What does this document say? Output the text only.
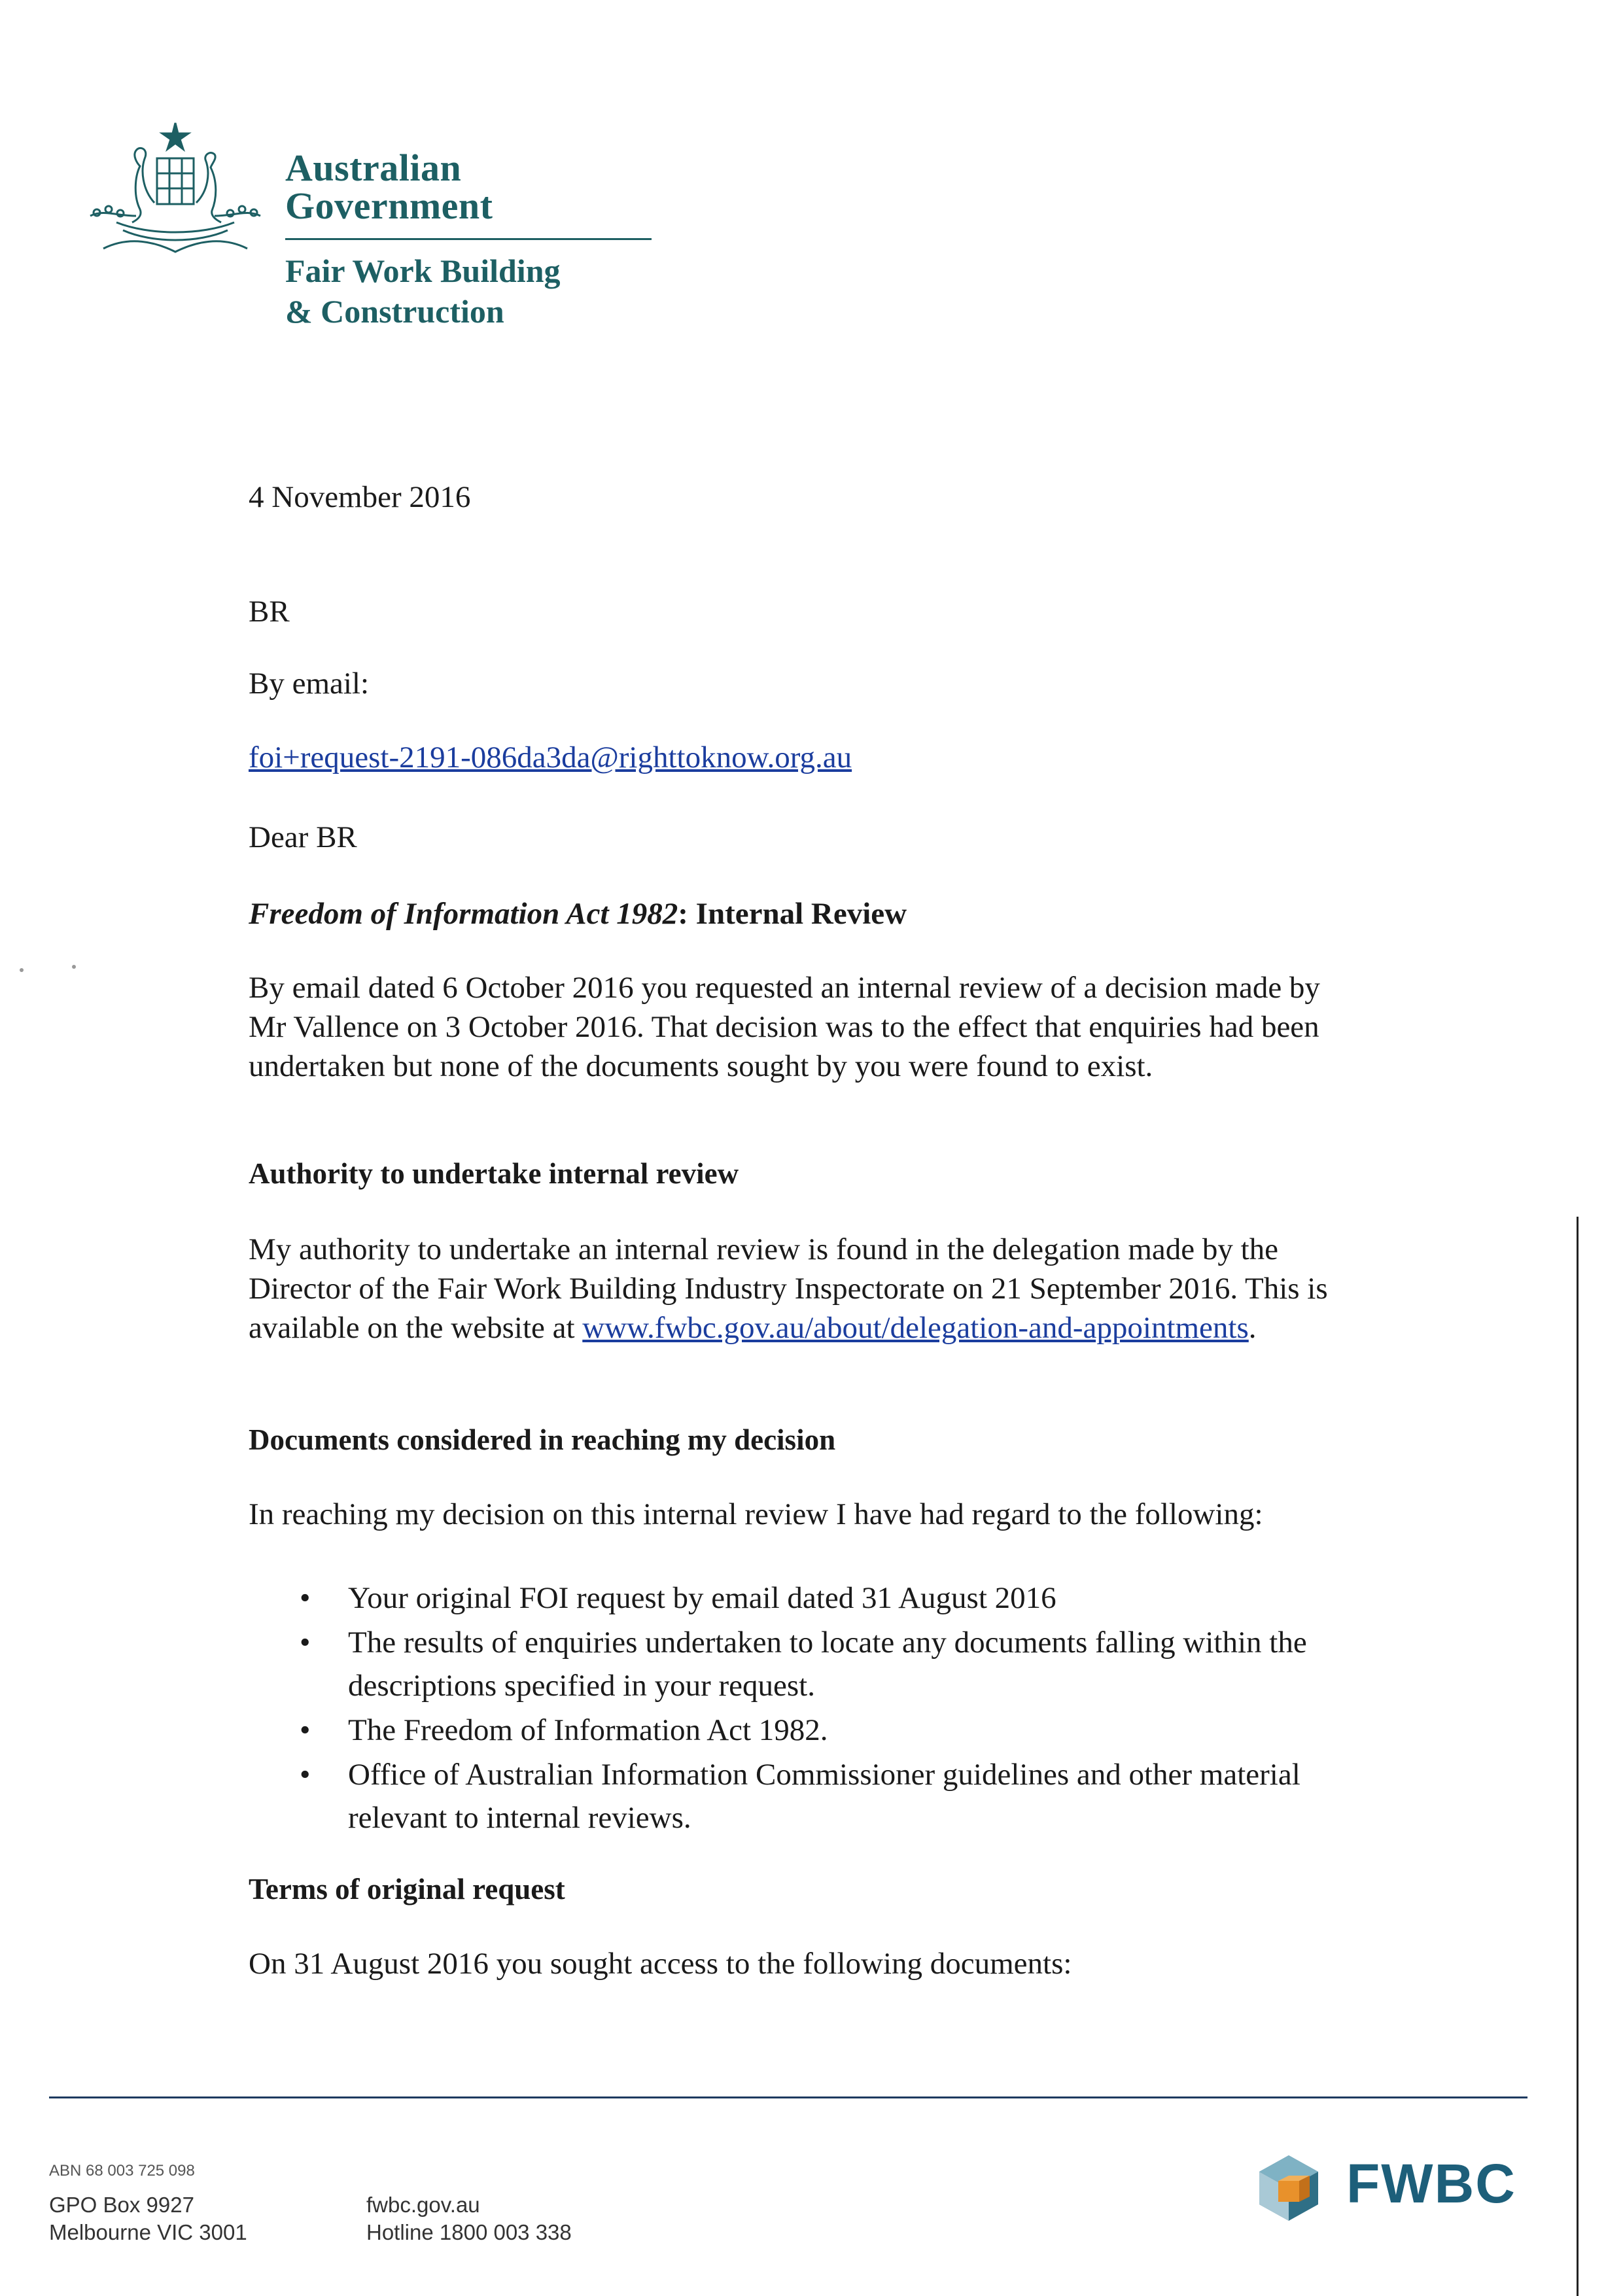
Australian Government
Fair Work Building
& Construction
4 November 2016
BR
By email:
foi+request-2191-086da3da@righttoknow.org.au
Dear BR
Freedom of Information Act 1982: Internal Review

By email dated 6 October 2016 you requested an internal review of a decision made by Mr Vallence on 3 October 2016. That decision was to the effect that enquiries had been undertaken but none of the documents sought by you were found to exist.

Authority to undertake internal review

My authority to undertake an internal review is found in the delegation made by the Director of the Fair Work Building Industry Inspectorate on 21 September 2016. This is available on the website at www.fwbc.gov.au/about/delegation-and-appointments.

Documents considered in reaching my decision

In reaching my decision on this internal review I have had regard to the following:

• Your original FOI request by email dated 31 August 2016
• The results of enquiries undertaken to locate any documents falling within the descriptions specified in your request.
• The Freedom of Information Act 1982.
• Office of Australian Information Commissioner guidelines and other material relevant to internal reviews.
Terms of original request

On 31 August 2016 you sought access to the following documents:

ABN 68 003 725 098
GPO Box 9927
Melbourne VIC 3001
fwbc.gov.au
Hotline 1800 003 338
FWBC
